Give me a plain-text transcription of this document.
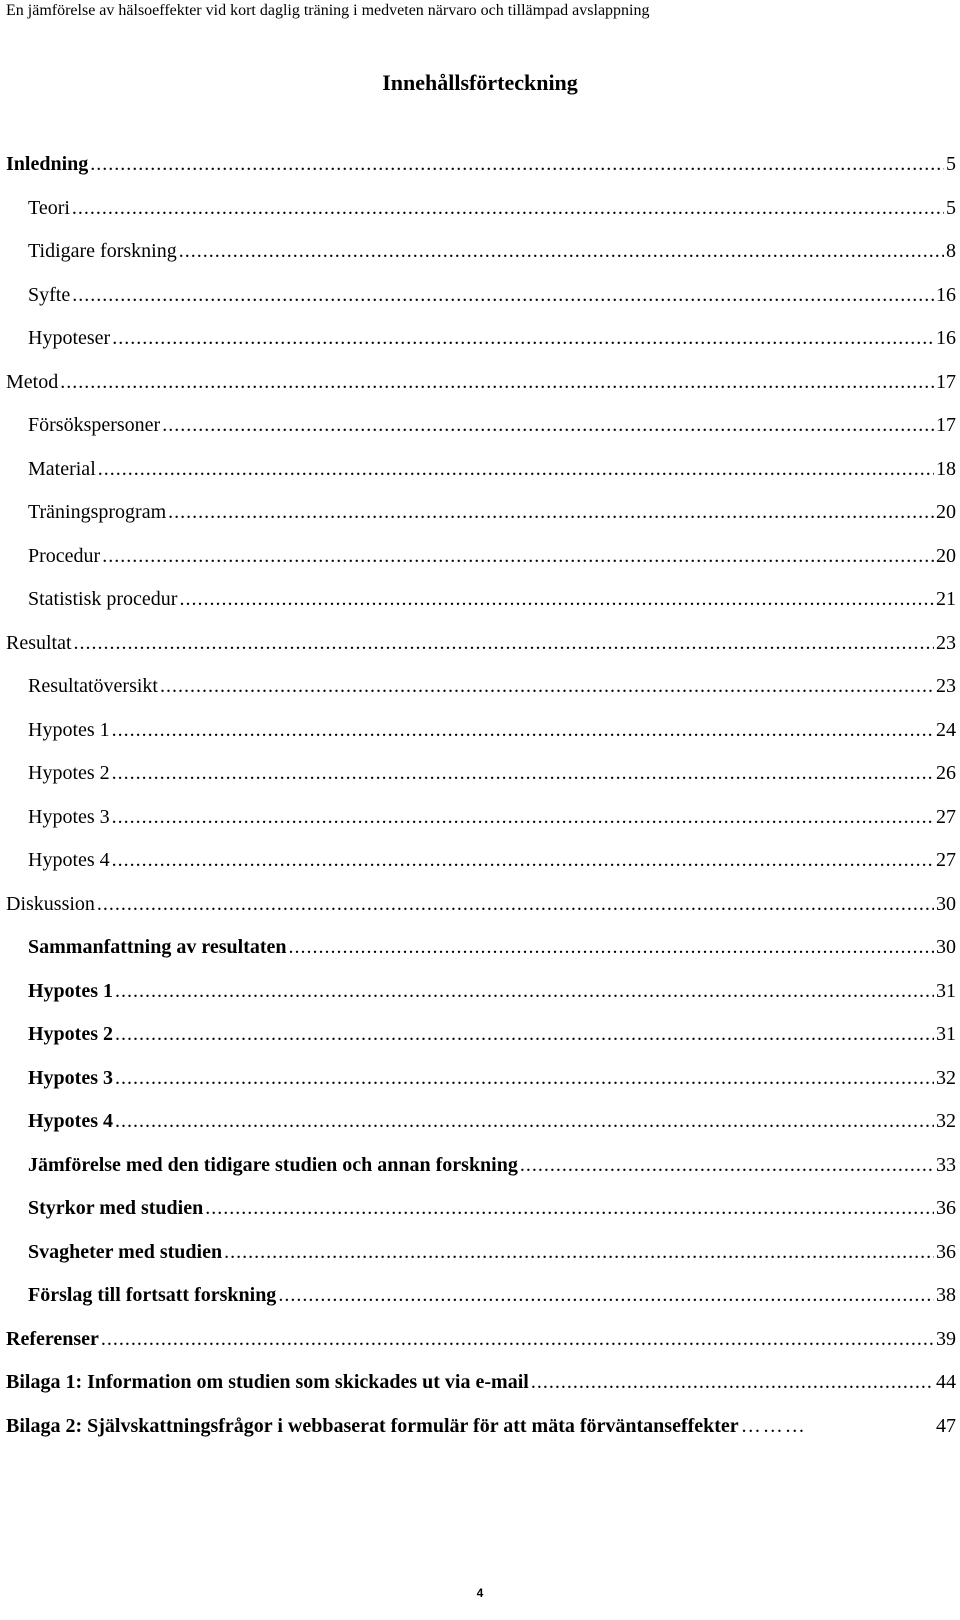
En jämförelse av hälsoeffekter vid kort daglig träning i medveten närvaro och tillämpad avslappning
Innehållsförteckning
Inledning .....	5
Teori .....	5
Tidigare forskning .....	8
Syfte .....	16
Hypoteser .....	16
Metod .....	17
Försökspersoner .....	17
Material .....	18
Träningsprogram .....	20
Procedur .....	20
Statistisk procedur .....	21
Resultat .....	23
Resultatöversikt .....	23
Hypotes 1 .....	24
Hypotes 2 .....	26
Hypotes 3 .....	27
Hypotes 4 .....	27
Diskussion .....	30
Sammanfattning av resultaten .....	30
Hypotes 1 .....	31
Hypotes 2 .....	31
Hypotes 3 .....	32
Hypotes 4 .....	32
Jämförelse med den tidigare studien och annan forskning .....	33
Styrkor med studien .....	36
Svagheter med studien .....	36
Förslag till fortsatt forskning .....	38
Referenser .....	39
Bilaga 1: Information om studien som skickades ut via e-mail .....	44
Bilaga 2: Självskattningsfrågor i webbaserat formulär för att mäta förväntanseffekter ………	47
4
